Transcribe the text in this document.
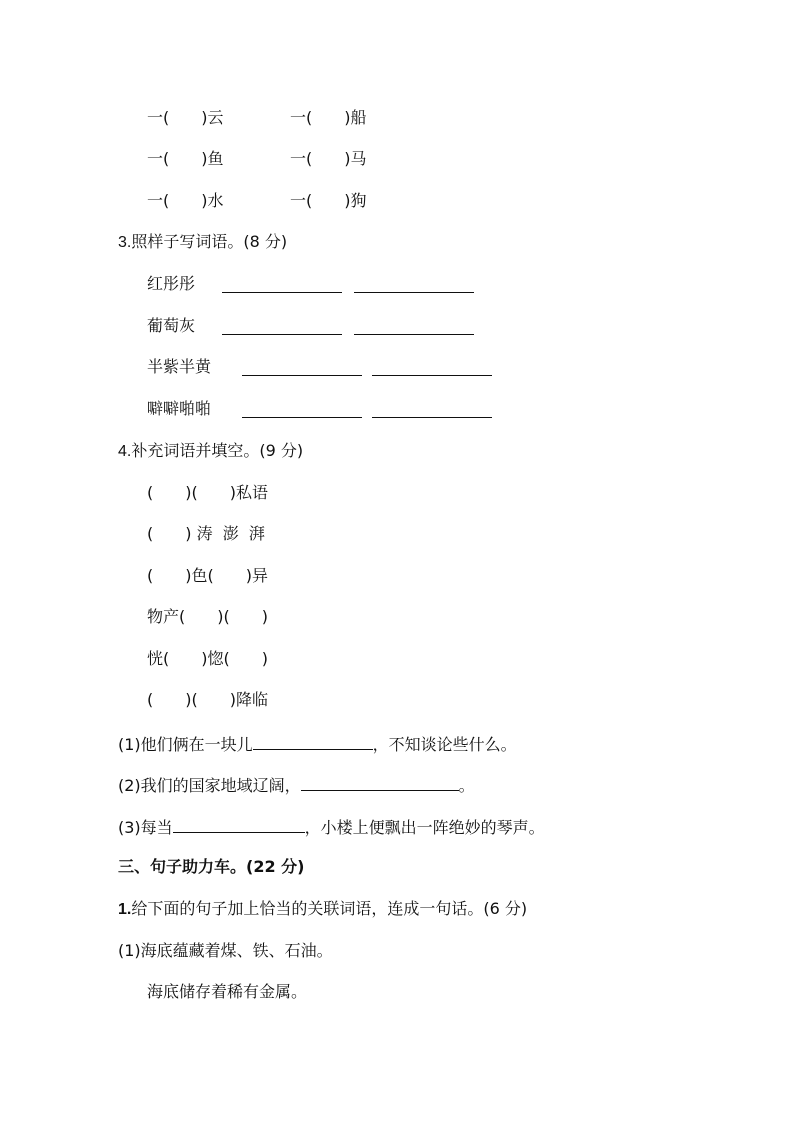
一(　　)云	一(　　)船
一(　　)鱼	一(　　)马
一(　　)水	一(　　)狗
3.照样子写词语。(8 分)
红彤彤
葡萄灰
半紫半黄
噼噼啪啪
4.补充词语并填空。(9 分)
(　　)(　　)私语
(　　) 涛  澎  湃
(　　)色(　　)异
物产(　　)(　　)
恍(　　)惚(　　)
(　　)(　　)降临
(1)他们俩在一块儿	，不知谈论些什么。
(2)我们的国家地域辽阔，	。
(3)每当	，小楼上便飘出一阵绝妙的琴声。
三、句子助力车。(22 分)
1.给下面的句子加上恰当的关联词语，连成一句话。(6 分)
(1)海底蕴藏着煤、铁、石油。
海底储存着稀有金属。
